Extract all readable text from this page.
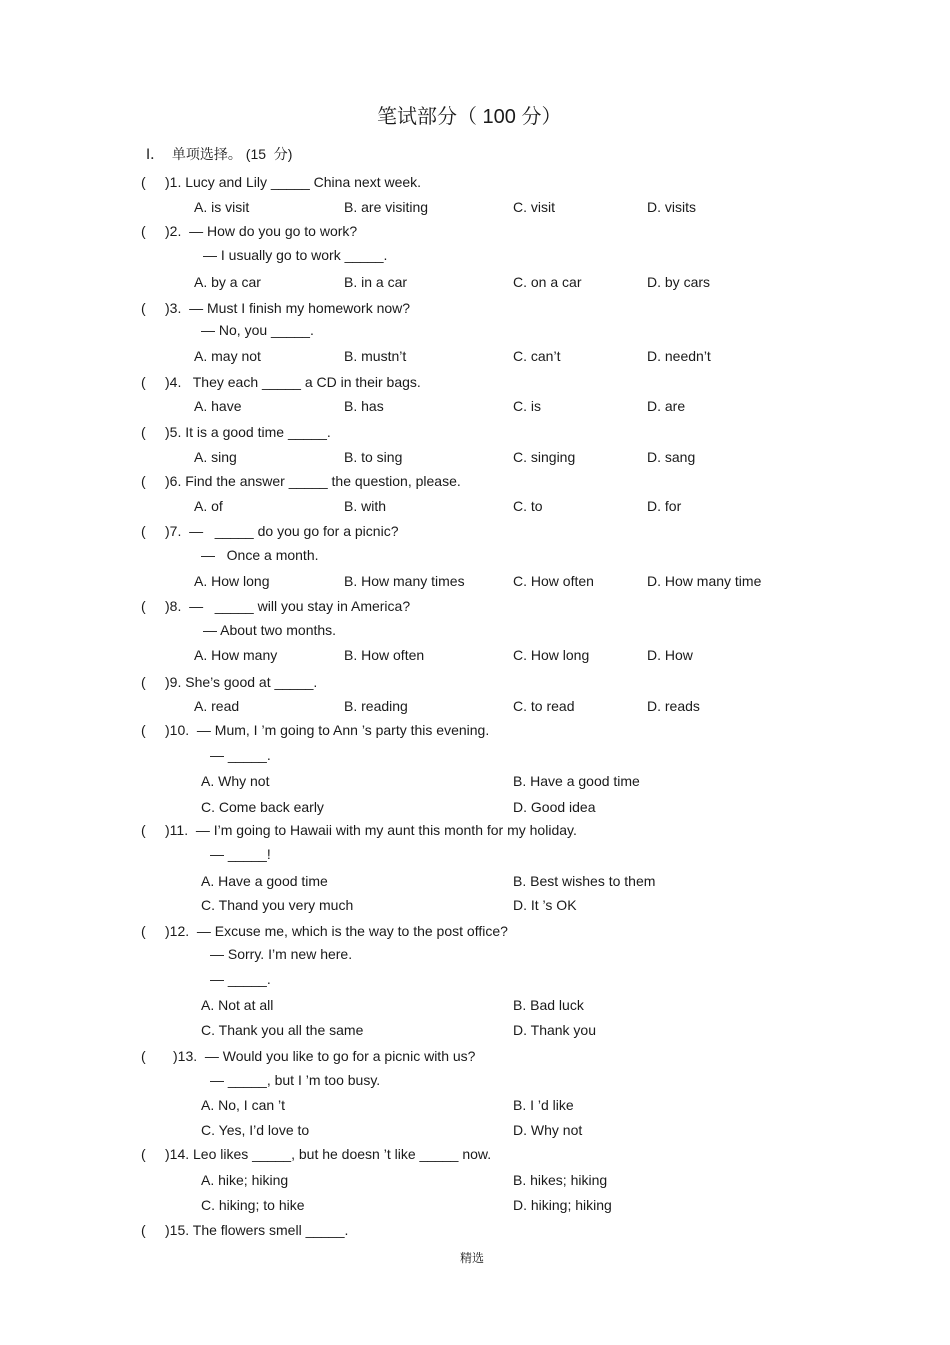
笔试部分（ 100 分）
Ⅰ．  单项选择。 (15  分)
( )1. Lucy and Lily _____ China next week.
A. is visit	B. are visiting	C. visit	D. visits
( )2.  — How do you go to work?
— I usually go to work _____.
A. by a car	B. in a car	C. on a car	D. by cars
( )3.  — Must I finish my homework now?
— No, you _____.
A. may not	B. mustn’t	C. can’t	D. needn’t
( )4.   They each _____ a CD in their bags.
A. have	B. has	C. is	D. are
( )5. It is a good time _____.
A. sing	B. to sing	C. singing	D. sang
( )6. Find the answer _____ the question, please.
A. of	B. with	C. to	D. for
( )7.  —   _____ do you go for a picnic?
—   Once a month.
A. How long	B. How many times	C. How often	D. How many time
( )8.  —   _____ will you stay in America?
— About two months.
A. How many	B. How often	C. How long	D. How
( )9. She’s good at _____.
A. read	B. reading	C. to read	D. reads
( )10.  — Mum, I ’m going to Ann ’s party this evening.
— _____.
A. Why not	B. Have a good time
C. Come back early	D. Good idea
( )11.  — I’m going to Hawaii with my aunt this month for my holiday.
— _____!
A. Have a good time	B. Best wishes to them
C. Thand you very much	D. It ’s OK
( )12.  — Excuse me, which is the way to the post office?
— Sorry. I’m new here.
— _____.
A. Not at all	B. Bad luck
C. Thank you all the same	D. Thank you
( )13.  — Would you like to go for a picnic with us?
— _____, but I ’m too busy.
A. No, I can ’t	B. I ’d like
C. Yes, I’d love to	D. Why not
( )14. Leo likes _____, but he doesn ’t like _____ now.
A. hike; hiking	B. hikes; hiking
C. hiking; to hike	D. hiking; hiking
( )15. The flowers smell _____.
精选
